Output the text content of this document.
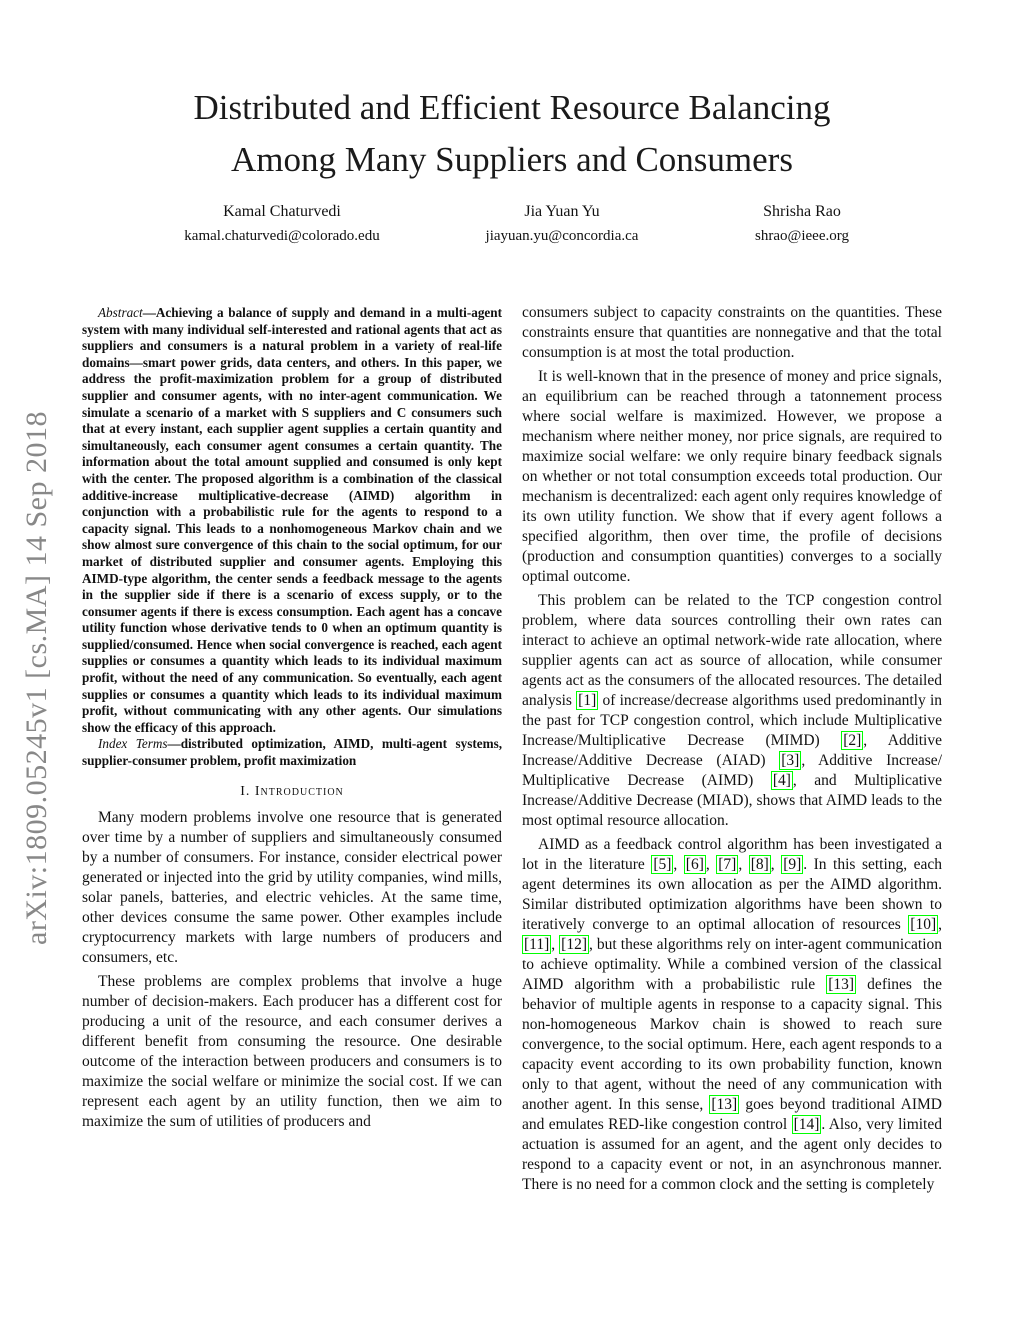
Distributed and Efficient Resource Balancing
Among Many Suppliers and Consumers
Kamal Chaturvedi
kamal.chaturvedi@colorado.edu
Jia Yuan Yu
jiayuan.yu@concordia.ca
Shrisha Rao
shrao@ieee.org
arXiv:1809.05245v1 [cs.MA] 14 Sep 2018

Abstract—Achieving a balance of supply and demand in a multi-agent system with many individual self-interested and rational agents that act as suppliers and consumers is a natural problem in a variety of real-life domains—smart power grids, data centers, and others. In this paper, we address the profit-maximization problem for a group of distributed supplier and consumer agents, with no inter-agent communication. We simulate a scenario of a market with S suppliers and C consumers such that at every instant, each supplier agent supplies a certain quantity and simultaneously, each consumer agent consumes a certain quantity. The information about the total amount supplied and consumed is only kept with the center. The proposed algorithm is a combination of the classical additive-increase multiplicative-decrease (AIMD) algorithm in conjunction with a probabilistic rule for the agents to respond to a capacity signal. This leads to a nonhomogeneous Markov chain and we show almost sure convergence of this chain to the social optimum, for our market of distributed supplier and consumer agents. Employing this AIMD-type algorithm, the center sends a feedback message to the agents in the supplier side if there is a scenario of excess supply, or to the consumer agents if there is excess consumption. Each agent has a concave utility function whose derivative tends to 0 when an optimum quantity is supplied/consumed. Hence when social convergence is reached, each agent supplies or consumes a quantity which leads to its individual maximum profit, without the need of any communication. So eventually, each agent supplies or consumes a quantity which leads to its individual maximum profit, without communicating with any other agents. Our simulations show the efficacy of this approach.

Index Terms—distributed optimization, AIMD, multi-agent systems, supplier-consumer problem, profit maximization

I. Introduction

Many modern problems involve one resource that is generated over time by a number of suppliers and simultaneously consumed by a number of consumers. For instance, consider electrical power generated or injected into the grid by utility companies, wind mills, solar panels, batteries, and electric vehicles. At the same time, other devices consume the same power. Other examples include cryptocurrency markets with large numbers of producers and consumers, etc.

These problems are complex problems that involve a huge number of decision-makers. Each producer has a different cost for producing a unit of the resource, and each consumer derives a different benefit from consuming the resource. One desirable outcome of the interaction between producers and consumers is to maximize the social welfare or minimize the social cost. If we can represent each agent by an utility function, then we aim to maximize the sum of utilities of producers and

consumers subject to capacity constraints on the quantities. These constraints ensure that quantities are nonnegative and that the total consumption is at most the total production.

It is well-known that in the presence of money and price signals, an equilibrium can be reached through a tatonnement process where social welfare is maximized. However, we propose a mechanism where neither money, nor price signals, are required to maximize social welfare: we only require binary feedback signals on whether or not total consumption exceeds total production. Our mechanism is decentralized: each agent only requires knowledge of its own utility function. We show that if every agent follows a specified algorithm, then over time, the profile of decisions (production and consumption quantities) converges to a socially optimal outcome.

This problem can be related to the TCP congestion control problem, where data sources controlling their own rates can interact to achieve an optimal network-wide rate allocation, where supplier agents can act as source of allocation, while consumer agents act as the consumers of the allocated resources. The detailed analysis [1] of increase/decrease algorithms used predominantly in the past for TCP congestion control, which include Multiplicative Increase/Multiplicative Decrease (MIMD) [2] , Additive Increase/Additive Decrease (AIAD) [3] , Additive Increase/ Multiplicative Decrease (AIMD) [4] , and Multiplicative Increase/Additive Decrease (MIAD), shows that AIMD leads to the most optimal resource allocation.

AIMD as a feedback control algorithm has been investigated a lot in the literature [5] , [6] , [7] , [8] , [9] . In this setting, each agent determines its own allocation as per the AIMD algorithm. Similar distributed optimization algorithms have been shown to iteratively converge to an optimal allocation of resources [10] , [11] , [12] , but these algorithms rely on inter-agent communication to achieve optimality. While a combined version of the classical AIMD algorithm with a probabilistic rule [13] defines the behavior of multiple agents in response to a capacity signal. This non-homogeneous Markov chain is showed to reach sure convergence, to the social optimum. Here, each agent responds to a capacity event according to its own probability function, known only to that agent, without the need of any communication with another agent. In this sense, [13] goes beyond traditional AIMD and emulates RED-like congestion control [14] . Also, very limited actuation is assumed for an agent, and the agent only decides to respond to a capacity event or not, in an asynchronous manner. There is no need for a common clock and the setting is completely
